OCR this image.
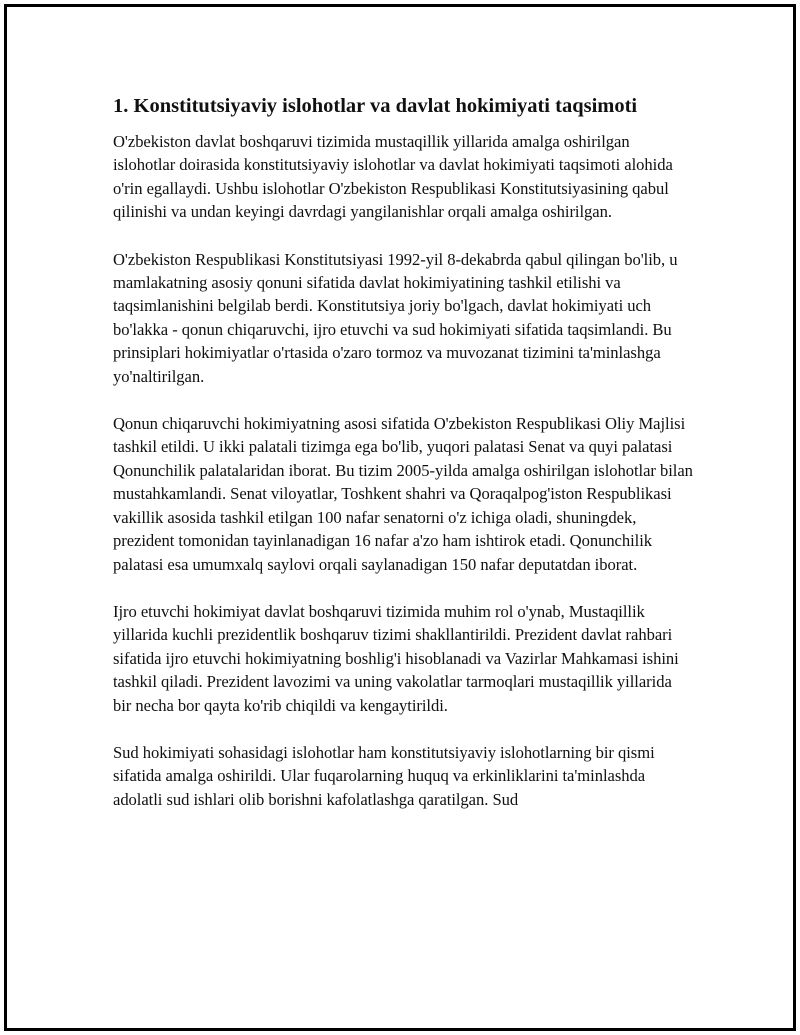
1. Konstitutsiyaviy islohotlar va davlat hokimiyati taqsimoti

O'zbekiston davlat boshqaruvi tizimida mustaqillik yillarida amalga oshirilgan islohotlar doirasida konstitutsiyaviy islohotlar va davlat hokimiyati taqsimoti alohida o'rin egallaydi. Ushbu islohotlar O'zbekiston Respublikasi Konstitutsiyasining qabul qilinishi va undan keyingi davrdagi yangilanishlar orqali amalga oshirilgan.

O'zbekiston Respublikasi Konstitutsiyasi 1992-yil 8-dekabrda qabul qilingan bo'lib, u mamlakatning asosiy qonuni sifatida davlat hokimiyatining tashkil etilishi va taqsimlanishini belgilab berdi. Konstitutsiya joriy bo'lgach, davlat hokimiyati uch bo'lakka - qonun chiqaruvchi, ijro etuvchi va sud hokimiyati sifatida taqsimlandi. Bu prinsiplari hokimiyatlar o'rtasida o'zaro tormoz va muvozanat tizimini ta'minlashga yo'naltirilgan.

Qonun chiqaruvchi hokimiyatning asosi sifatida O'zbekiston Respublikasi Oliy Majlisi tashkil etildi. U ikki palatali tizimga ega bo'lib, yuqori palatasi Senat va quyi palatasi Qonunchilik palatalaridan iborat. Bu tizim 2005-yilda amalga oshirilgan islohotlar bilan mustahkamlandi. Senat viloyatlar, Toshkent shahri va Qoraqalpog'iston Respublikasi vakillik asosida tashkil etilgan 100 nafar senatorni o'z ichiga oladi, shuningdek, prezident tomonidan tayinlanadigan 16 nafar a'zo ham ishtirok etadi. Qonunchilik palatasi esa umumxalq saylovi orqali saylanadigan 150 nafar deputatdan iborat.

Ijro etuvchi hokimiyat davlat boshqaruvi tizimida muhim rol o'ynab, Mustaqillik yillarida kuchli prezidentlik boshqaruv tizimi shakllantirildi. Prezident davlat rahbari sifatida ijro etuvchi hokimiyatning boshlig'i hisoblanadi va Vazirlar Mahkamasi ishini tashkil qiladi. Prezident lavozimi va uning vakolatlar tarmoqlari mustaqillik yillarida bir necha bor qayta ko'rib chiqildi va kengaytirildi.

Sud hokimiyati sohasidagi islohotlar ham konstitutsiyaviy islohotlarning bir qismi sifatida amalga oshirildi. Ular fuqarolarning huquq va erkinliklarini ta'minlashda adolatli sud ishlari olib borishni kafolatlashga qaratilgan. Sud
